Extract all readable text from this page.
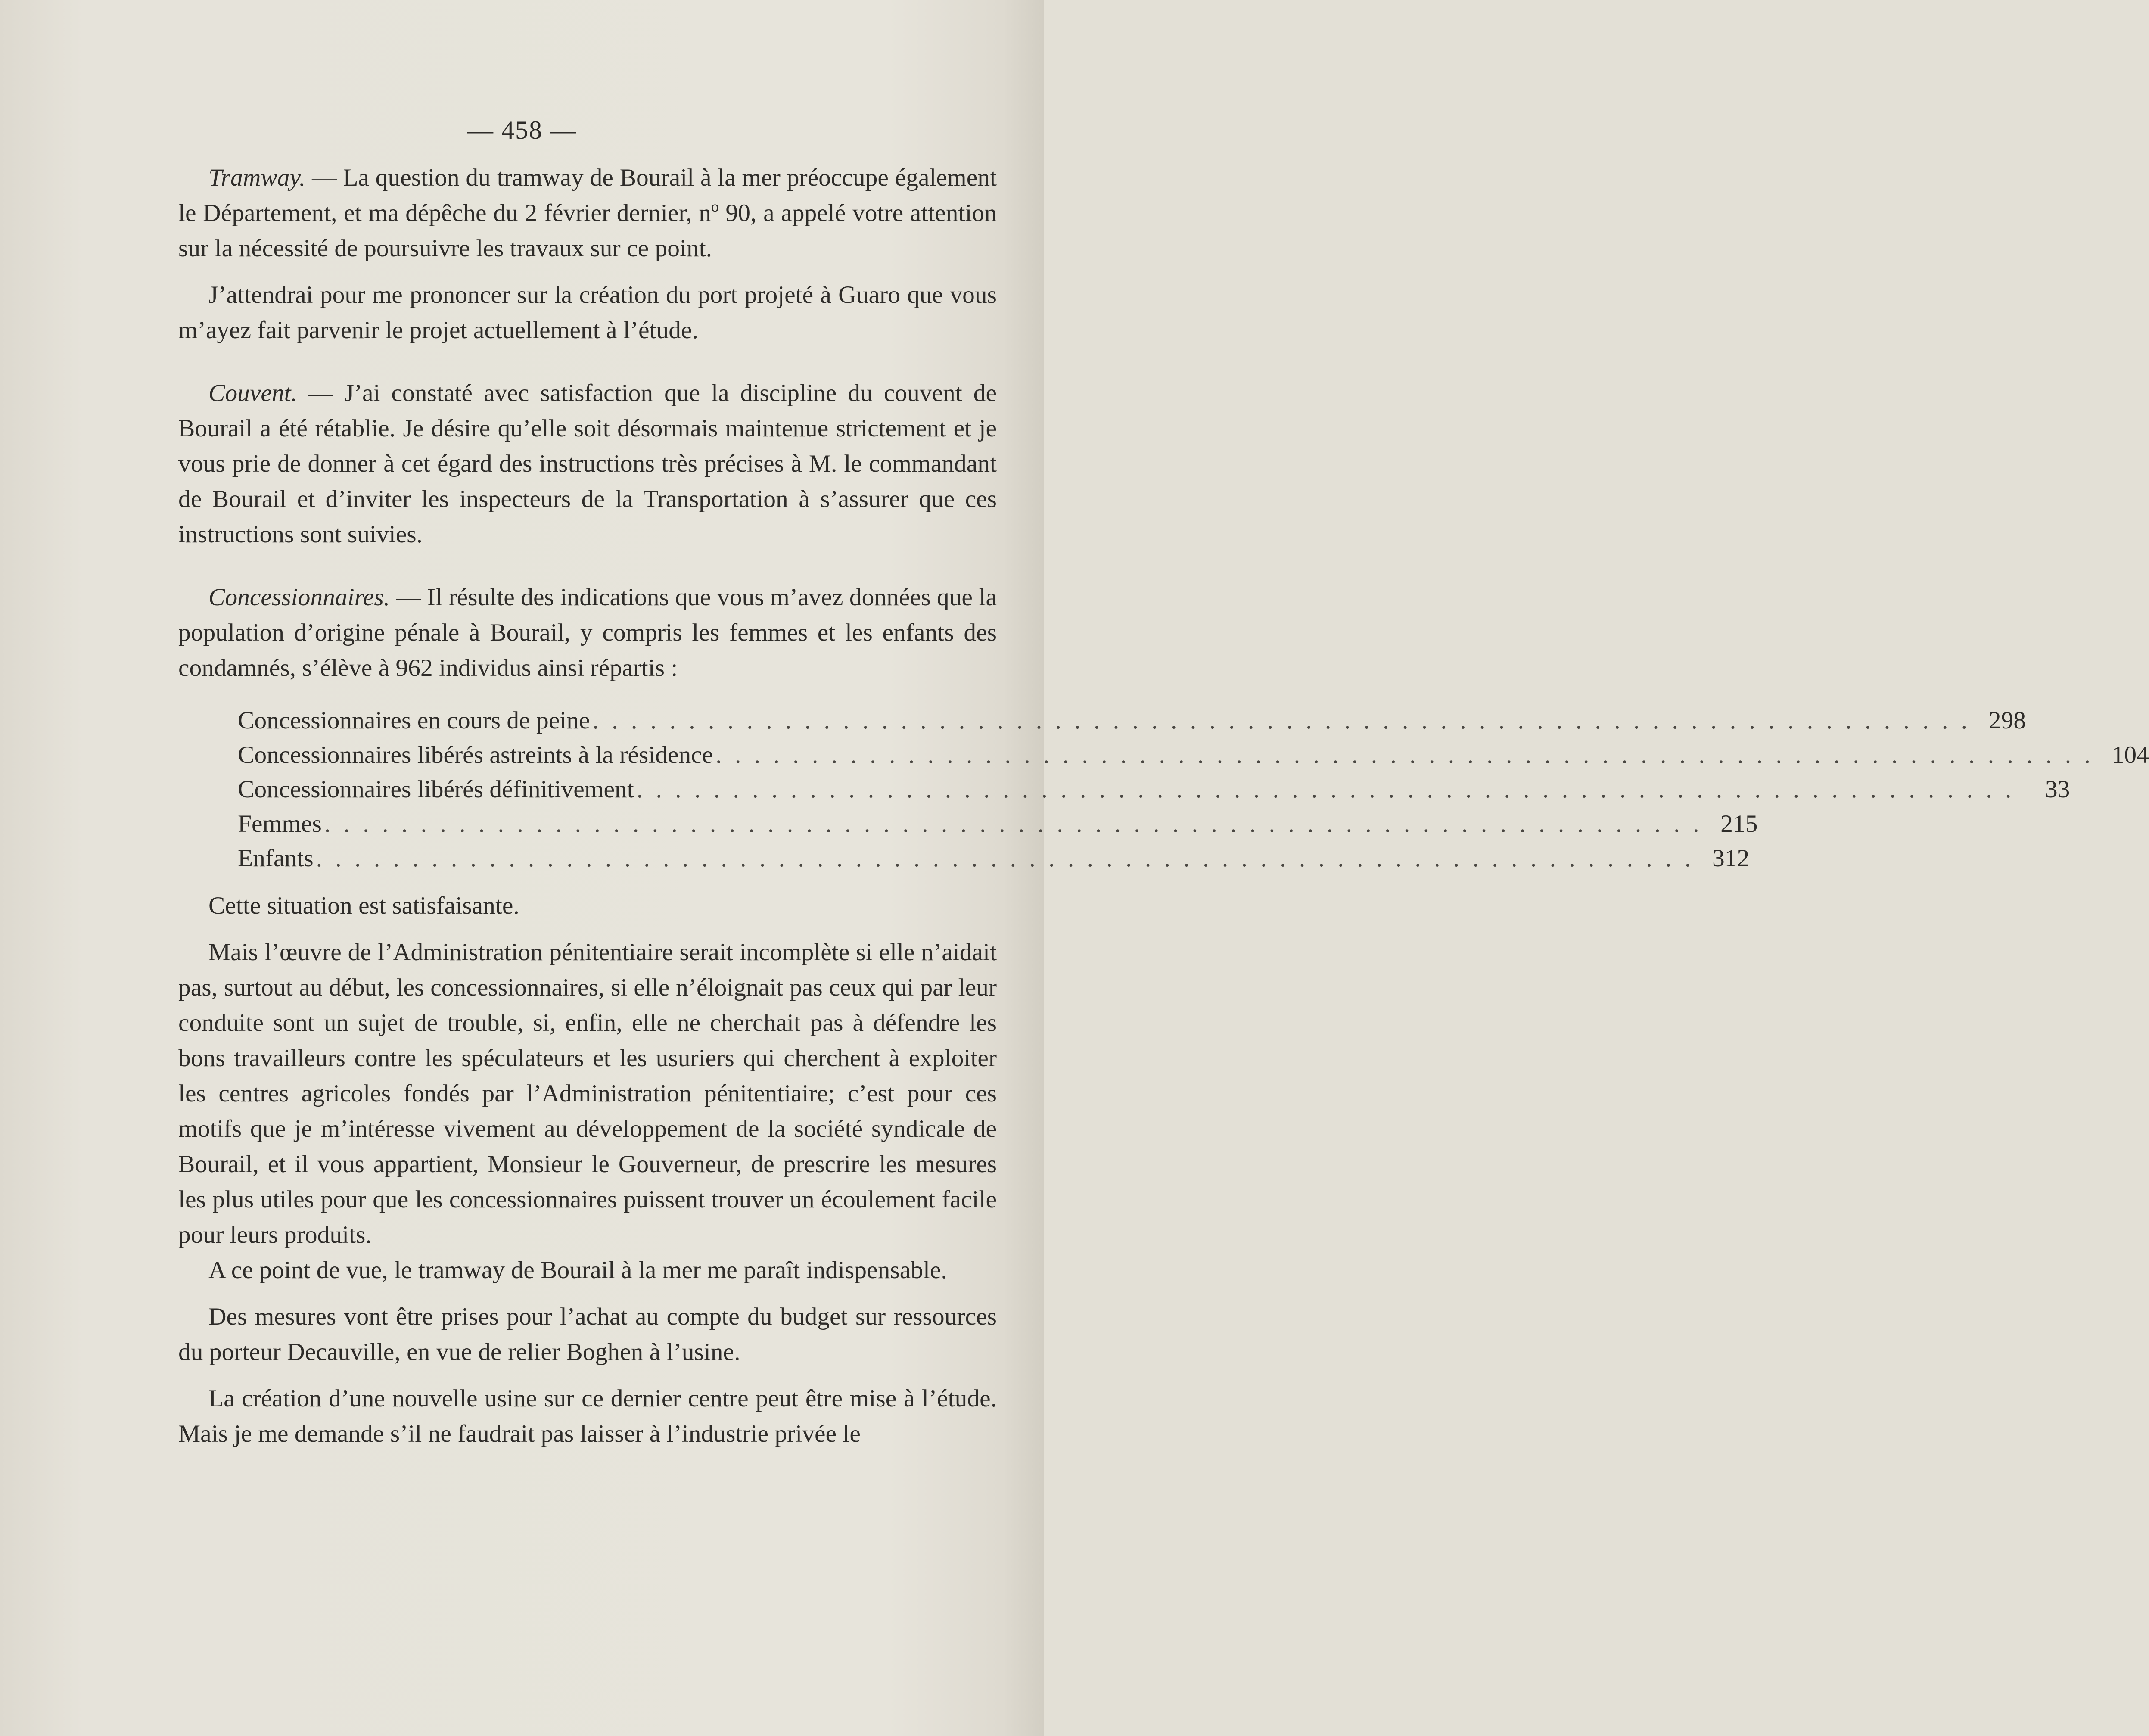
— 458 —

Tramway. — La question du tramway de Bourail à la mer préoccupe également le Département, et ma dépêche du 2 février dernier, nº 90, a appelé votre attention sur la nécessité de poursuivre les travaux sur ce point.

J’attendrai pour me prononcer sur la création du port projeté à Guaro que vous m’ayez fait parvenir le projet actuellement à l’étude.

Couvent. — J’ai constaté avec satisfaction que la discipline du couvent de Bourail a été rétablie. Je désire qu’elle soit désormais maintenue strictement et je vous prie de donner à cet égard des instructions très précises à M. le commandant de Bourail et d’inviter les inspecteurs de la Transportation à s’assurer que ces instructions sont suivies.

Concessionnaires. — Il résulte des indications que vous m’avez données que la population d’origine pénale à Bourail, y compris les femmes et les enfants des condamnés, s’élève à 962 individus ainsi répartis :

Concessionnaires en cours de peine . . . . . . . . . . . . . . . . . . . . . . . . . . . . . . . . . . . . . . . . . . . . . . . . . . . . . . . . . . . . . . . . . . . . . . . . 298
Concessionnaires libérés astreints à la résidence . . . . . . . . . . . . . . . . . . . . . . . . . . . . . . . . . . . . . . . . . . . . . . . . . . . . . . . . . . . . . . . . . . . . . . . . 104
Concessionnaires libérés définitivement . . . . . . . . . . . . . . . . . . . . . . . . . . . . . . . . . . . . . . . . . . . . . . . . . . . . . . . . . . . . . . . . . . . . . . . .	33
Femmes . . . . . . . . . . . . . . . . . . . . . . . . . . . . . . . . . . . . . . . . . . . . . . . . . . . . . . . . . . . . . . . . . . . . . . . . 215
Enfants . . . . . . . . . . . . . . . . . . . . . . . . . . . . . . . . . . . . . . . . . . . . . . . . . . . . . . . . . . . . . . . . . . . . . . . . 312

Cette situation est satisfaisante.

Mais l’œuvre de l’Administration pénitentiaire serait incomplète si elle n’aidait pas, surtout au début, les concessionnaires, si elle n’éloignait pas ceux qui par leur conduite sont un sujet de trouble, si, enfin, elle ne cherchait pas à défendre les bons travailleurs contre les spéculateurs et les usuriers qui cherchent à exploiter les centres agricoles fondés par l’Administration pénitentiaire; c’est pour ces motifs que je m’intéresse vivement au développement de la société syndicale de Bourail, et il vous appartient, Monsieur le Gouverneur, de prescrire les mesures les plus utiles pour que les concessionnaires puissent trouver un écoulement facile pour leurs produits.

A ce point de vue, le tramway de Bourail à la mer me paraît indispensable.

Des mesures vont être prises pour l’achat au compte du budget sur ressources du porteur Decauville, en vue de relier Boghen à l’usine.

La création d’une nouvelle usine sur ce dernier centre peut être mise à l’étude. Mais je me demande s’il ne faudrait pas laisser à l’industrie privée le
